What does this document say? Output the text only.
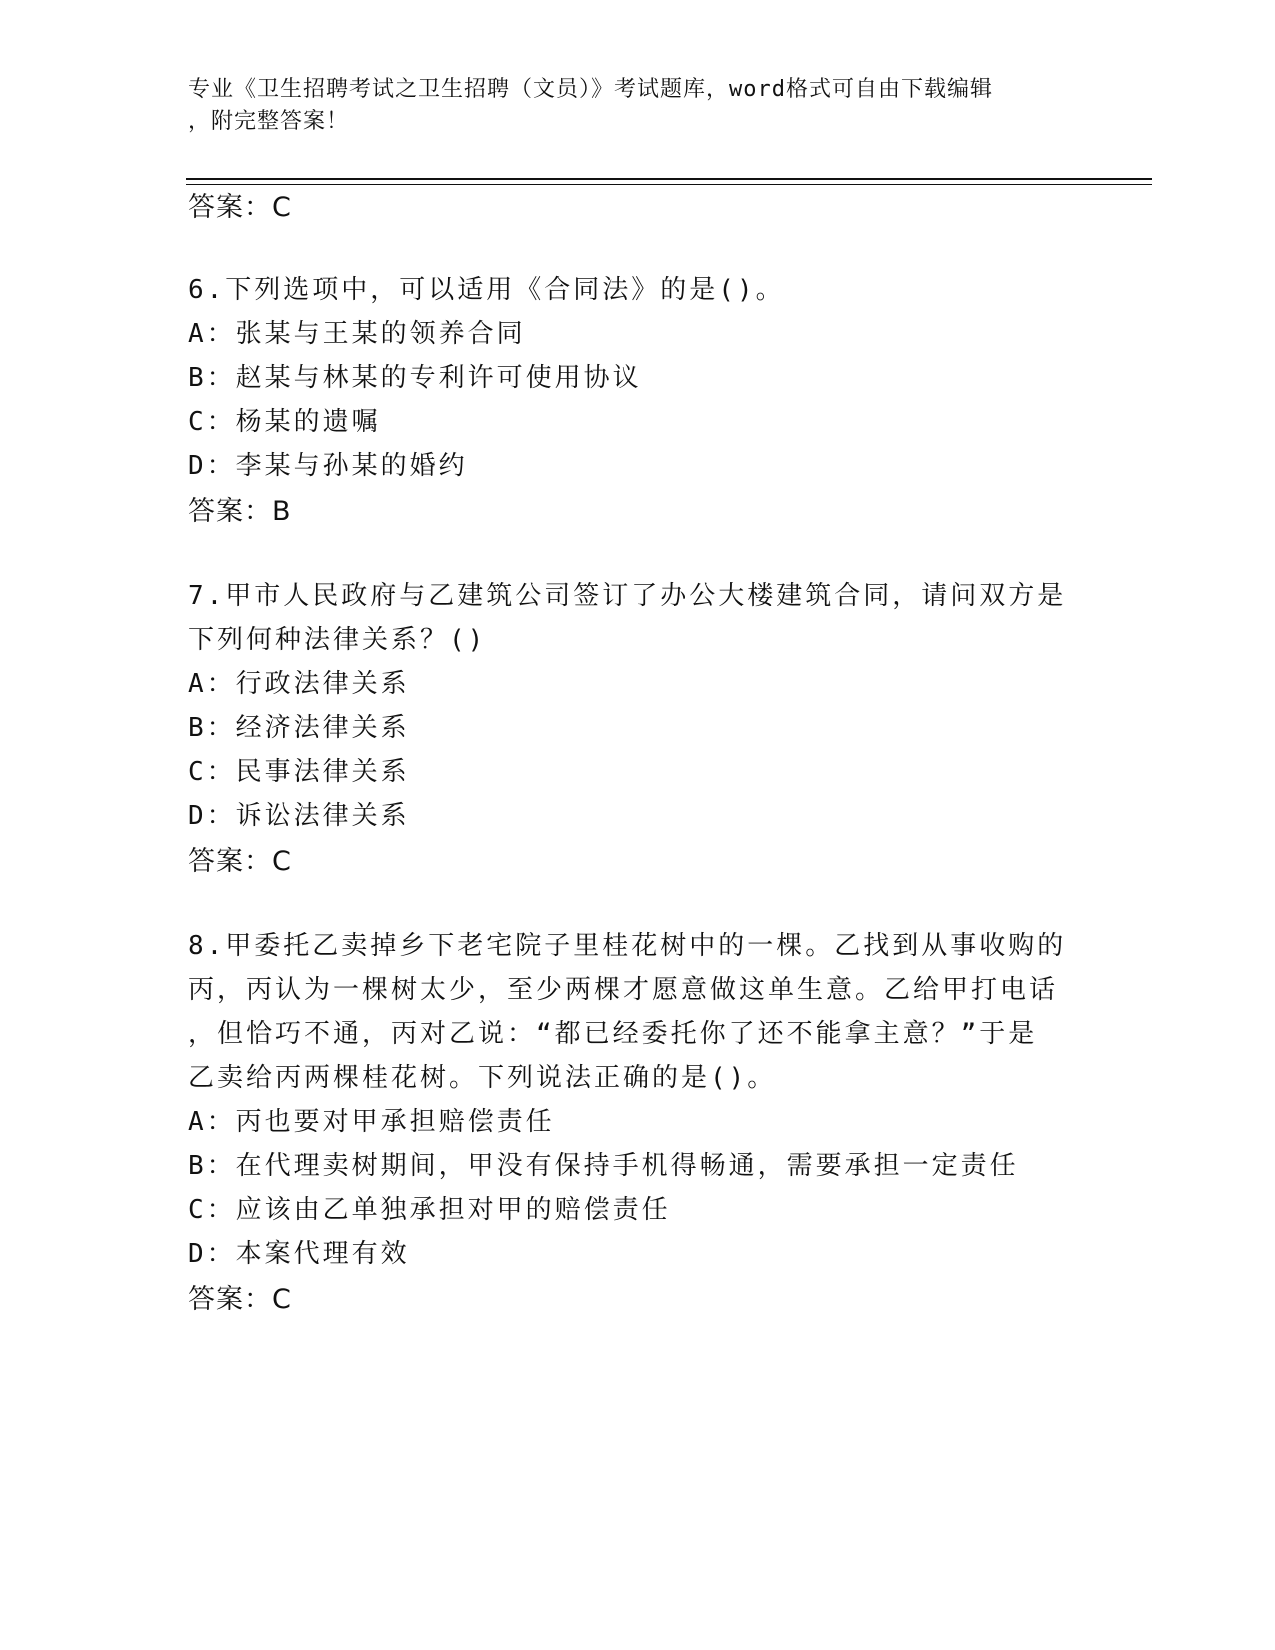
专业《卫生招聘考试之卫生招聘（文员）》考试题库，word格式可自由下载编辑
，附完整答案！
答案：C
6.下列选项中，可以适用《合同法》的是()。
A：张某与王某的领养合同
B：赵某与林某的专利许可使用协议
C：杨某的遗嘱
D：李某与孙某的婚约
答案：B
7.甲市人民政府与乙建筑公司签订了办公大楼建筑合同，请问双方是
下列何种法律关系？()
A：行政法律关系
B：经济法律关系
C：民事法律关系
D：诉讼法律关系
答案：C
8.甲委托乙卖掉乡下老宅院子里桂花树中的一棵。乙找到从事收购的
丙，丙认为一棵树太少，至少两棵才愿意做这单生意。乙给甲打电话
，但恰巧不通，丙对乙说：“都已经委托你了还不能拿主意？”于是
乙卖给丙两棵桂花树。下列说法正确的是()。
A：丙也要对甲承担赔偿责任
B：在代理卖树期间，甲没有保持手机得畅通，需要承担一定责任
C：应该由乙单独承担对甲的赔偿责任
D：本案代理有效
答案：C
